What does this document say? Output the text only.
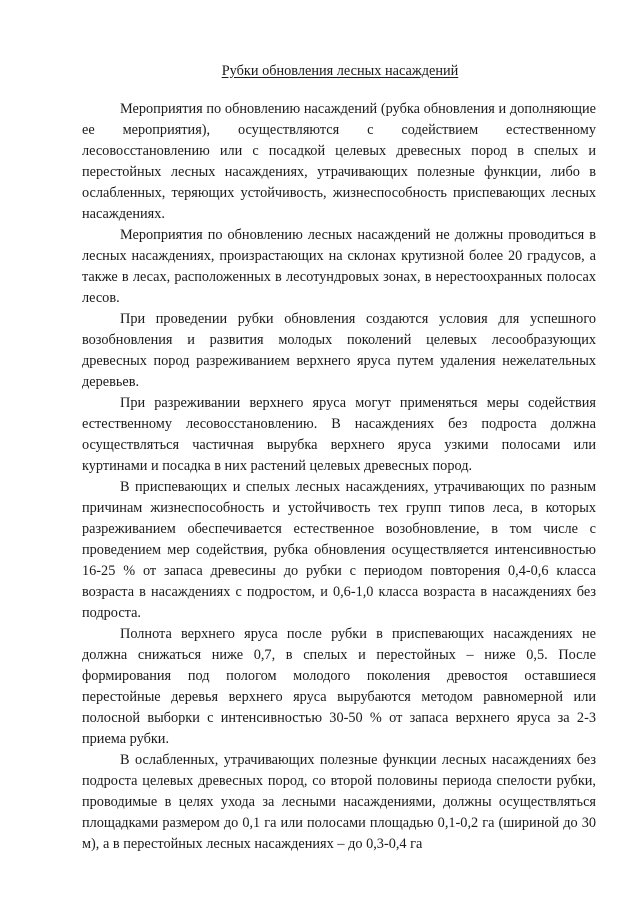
Рубки обновления лесных насаждений

Мероприятия по обновлению насаждений (рубка обновления и дополняющие ее мероприятия), осуществляются с содействием естественному лесовосстановлению или с посадкой целевых древесных пород в спелых и перестойных лесных насаждениях, утрачивающих полезные функции, либо в ослабленных, теряющих устойчивость, жизнеспособность приспевающих лесных насаждениях.

Мероприятия по обновлению лесных насаждений не должны проводиться в лесных насаждениях, произрастающих на склонах крутизной более 20 градусов, а также в лесах, расположенных в лесотундровых зонах, в нерестоохранных полосах лесов.

При проведении рубки обновления создаются условия для успешного возобновления и развития молодых поколений целевых лесообразующих древесных пород разреживанием верхнего яруса путем удаления нежелательных деревьев.

При разреживании верхнего яруса могут применяться меры содействия естественному лесовосстановлению. В насаждениях без подроста должна осуществляться частичная вырубка верхнего яруса узкими полосами или куртинами и посадка в них растений целевых древесных пород.

В приспевающих и спелых лесных насаждениях, утрачивающих по разным причинам жизнеспособность и устойчивость тех групп типов леса, в которых разреживанием обеспечивается естественное возобновление, в том числе с проведением мер содействия, рубка обновления осуществляется интенсивностью 16-25 % от запаса древесины до рубки с периодом повторения 0,4-0,6 класса возраста в насаждениях с подростом, и 0,6-1,0 класса возраста в насаждениях без подроста.

Полнота верхнего яруса после рубки в приспевающих насаждениях не должна снижаться ниже 0,7, в спелых и перестойных – ниже 0,5. После формирования под пологом молодого поколения древостоя оставшиеся перестойные деревья верхнего яруса вырубаются методом равномерной или полосной выборки с интенсивностью 30-50 % от запаса верхнего яруса за 2-3 приема рубки.

В ослабленных, утрачивающих полезные функции лесных насаждениях без подроста целевых древесных пород, со второй половины периода спелости рубки, проводимые в целях ухода за лесными насаждениями, должны осуществляться площадками размером до 0,1 га или полосами площадью 0,1-0,2 га (шириной до 30 м), а в перестойных лесных насаждениях – до 0,3-0,4 га
